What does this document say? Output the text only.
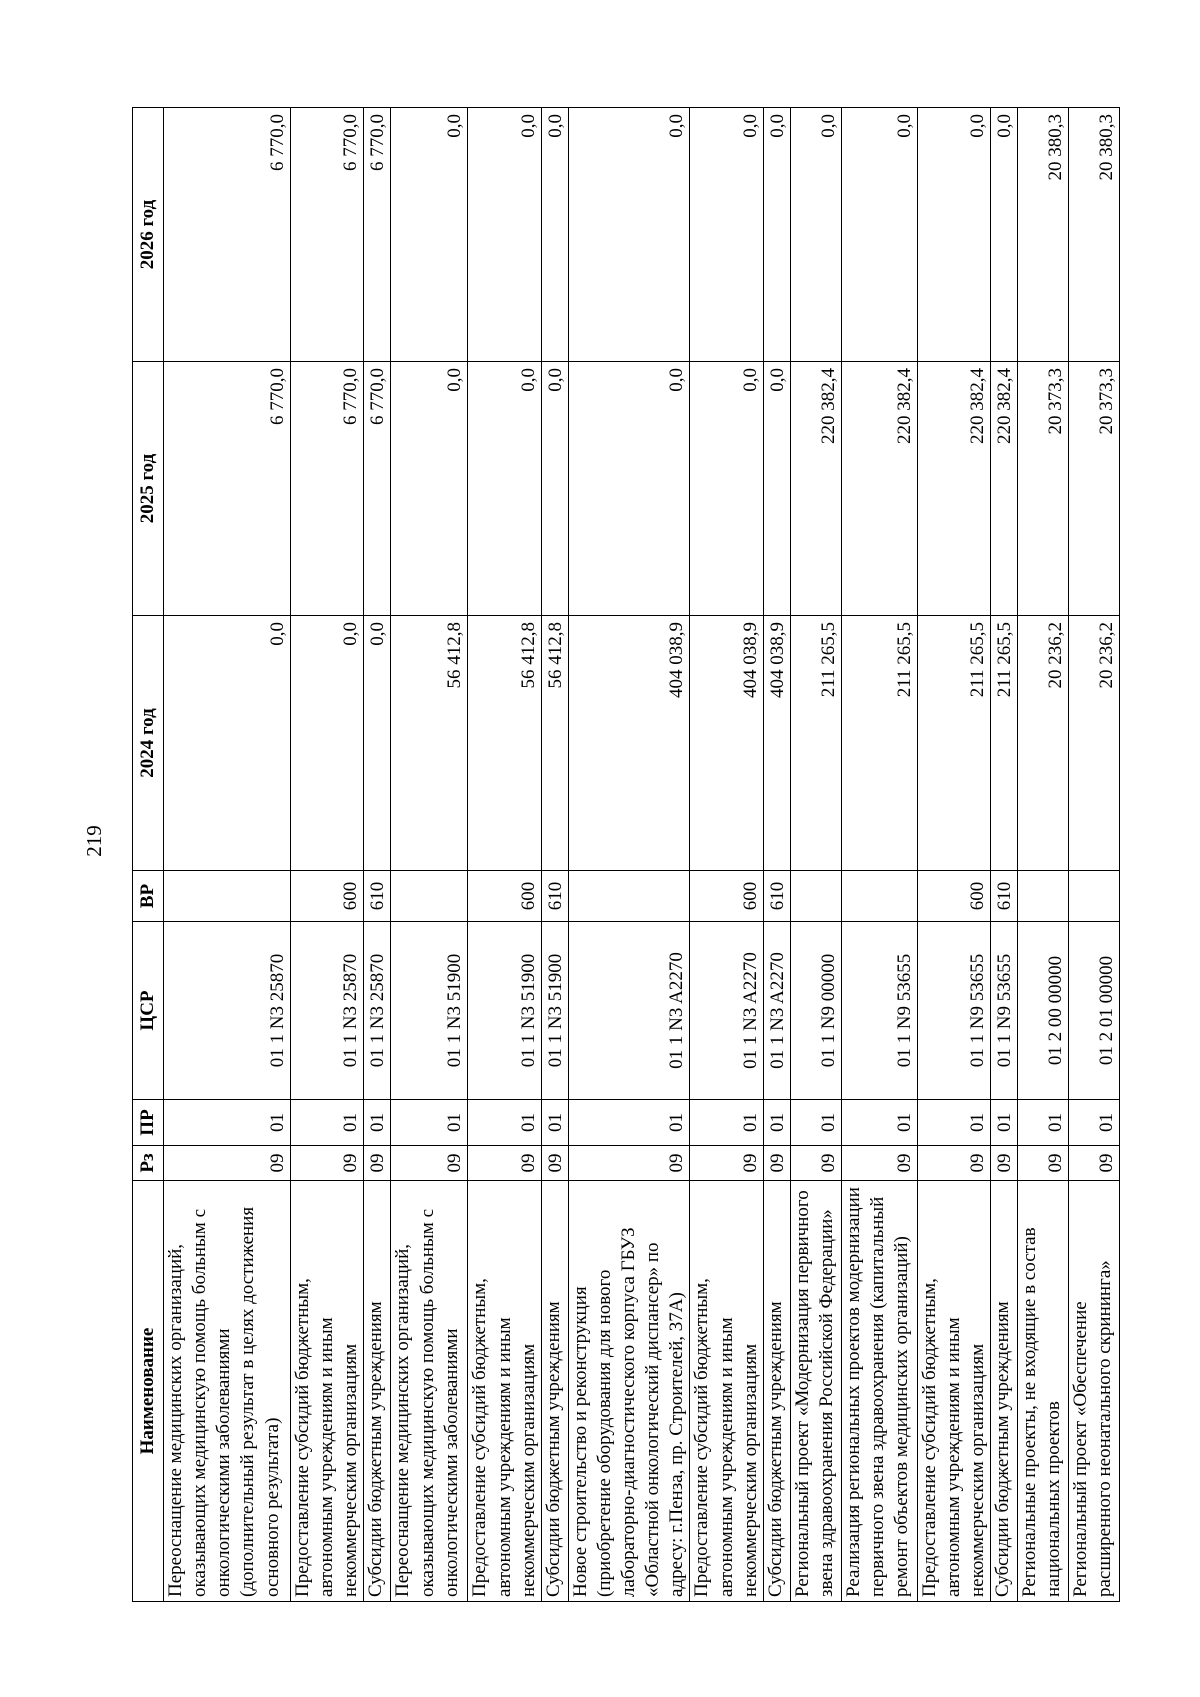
219
Наименование	Рз	ПР	ЦСР	ВР	2024 год	2025 год	2026 год
Переоснащение медицинских организаций, оказывающих медицинскую помощь больным с онкологическими заболеваниями (дополнительный результат в целях достижения основного результата)	09	01	01 1 N3 25870		0,0	6 770,0	6 770,0
Предоставление субсидий бюджетным, автономным учреждениям и иным некоммерческим организациям	09	01	01 1 N3 25870	600	0,0	6 770,0	6 770,0
Субсидии бюджетным учреждениям	09	01	01 1 N3 25870	610	0,0	6 770,0	6 770,0
Переоснащение медицинских организаций, оказывающих медицинскую помощь больным с онкологическими заболеваниями	09	01	01 1 N3 51900		56 412,8	0,0	0,0
Предоставление субсидий бюджетным, автономным учреждениям и иным некоммерческим организациям	09	01	01 1 N3 51900	600	56 412,8	0,0	0,0
Субсидии бюджетным учреждениям	09	01	01 1 N3 51900	610	56 412,8	0,0	0,0
Новое строительство и реконструкция (приобретение оборудования для нового лабораторно-диагностического корпуса ГБУЗ «Областной онкологический диспансер» по адресу: г.Пенза, пр. Строителей, 37А)	09	01	01 1 N3 A2270		404 038,9	0,0	0,0
Предоставление субсидий бюджетным, автономным учреждениям и иным некоммерческим организациям	09	01	01 1 N3 A2270	600	404 038,9	0,0	0,0
Субсидии бюджетным учреждениям	09	01	01 1 N3 A2270	610	404 038,9	0,0	0,0
Региональный проект «Модернизация первичного звена здравоохранения Российской Федерации»	09	01	01 1 N9 00000		211 265,5	220 382,4	0,0
Реализация региональных проектов модернизации первичного звена здравоохранения (капитальный ремонт объектов медицинских организаций)	09	01	01 1 N9 53655		211 265,5	220 382,4	0,0
Предоставление субсидий бюджетным, автономным учреждениям и иным некоммерческим организациям	09	01	01 1 N9 53655	600	211 265,5	220 382,4	0,0
Субсидии бюджетным учреждениям	09	01	01 1 N9 53655	610	211 265,5	220 382,4	0,0
Региональные проекты, не входящие в состав национальных проектов	09	01	01 2 00 00000		20 236,2	20 373,3	20 380,3
Региональный проект «Обеспечение расширенного неонатального скрининга»	09	01	01 2 01 00000		20 236,2	20 373,3	20 380,3
